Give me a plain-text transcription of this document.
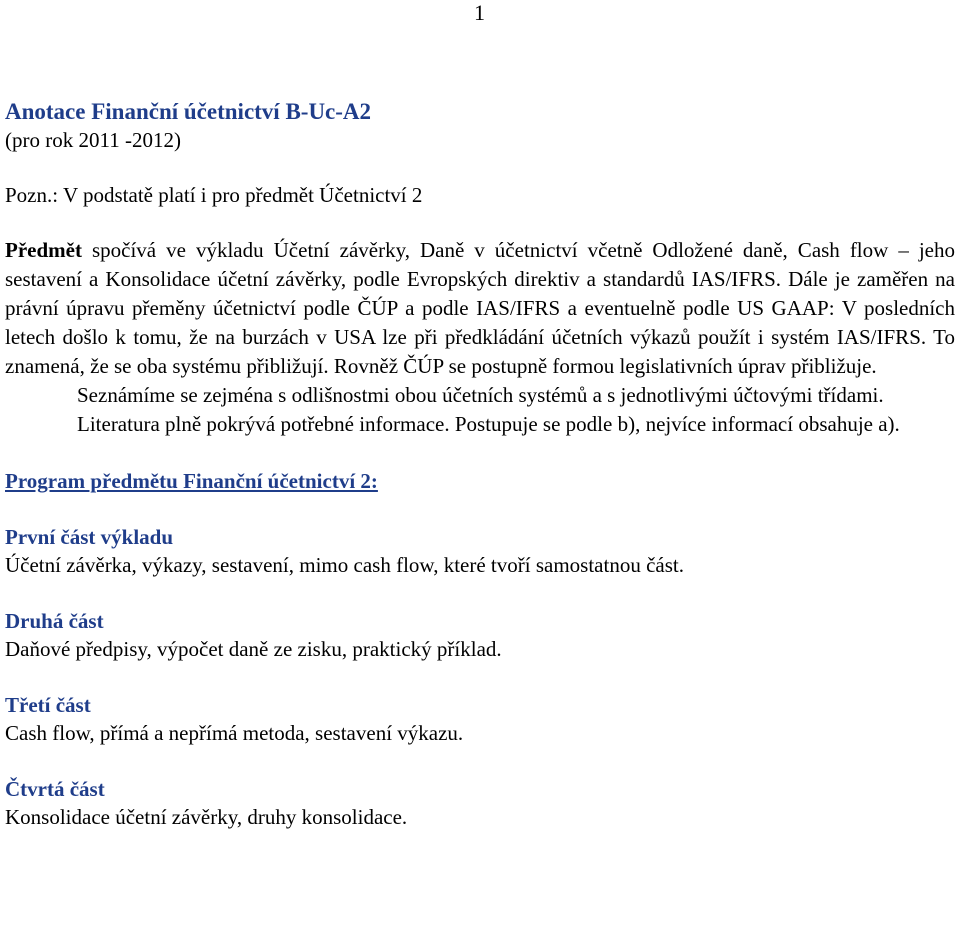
1

Anotace Finanční účetnictví B-Uc-A2

(pro rok 2011 -2012)

Pozn.: V podstatě platí i pro předmět Účetnictví 2

Předmět spočívá ve výkladu Účetní závěrky, Daně v účetnictví včetně Odložené daně, Cash flow – jeho sestavení a Konsolidace účetní závěrky, podle Evropských direktiv a standardů IAS/IFRS. Dále je zaměřen na právní úpravu přeměny účetnictví podle ČÚP a podle IAS/IFRS a eventuelně podle US GAAP: V posledních letech došlo k tomu, že na burzách v USA lze při předkládání účetních výkazů použít i systém IAS/IFRS. To znamená, že se oba systému přibližují. Rovněž ČÚP se postupně formou legislativních úprav přibližuje.

Seznámíme se zejména s odlišnostmi obou účetních systémů a s jednotlivými účtovými třídami.

Literatura plně pokrývá potřebné informace. Postupuje se podle b), nejvíce informací obsahuje a).

Program předmětu Finanční účetnictví 2:

První část výkladu

Účetní závěrka, výkazy, sestavení, mimo cash flow, které tvoří samostatnou část.

Druhá část

Daňové předpisy, výpočet daně ze zisku, praktický příklad.

Třetí část

Cash flow, přímá a nepřímá metoda, sestavení výkazu.

Čtvrtá část

Konsolidace účetní závěrky, druhy konsolidace.
